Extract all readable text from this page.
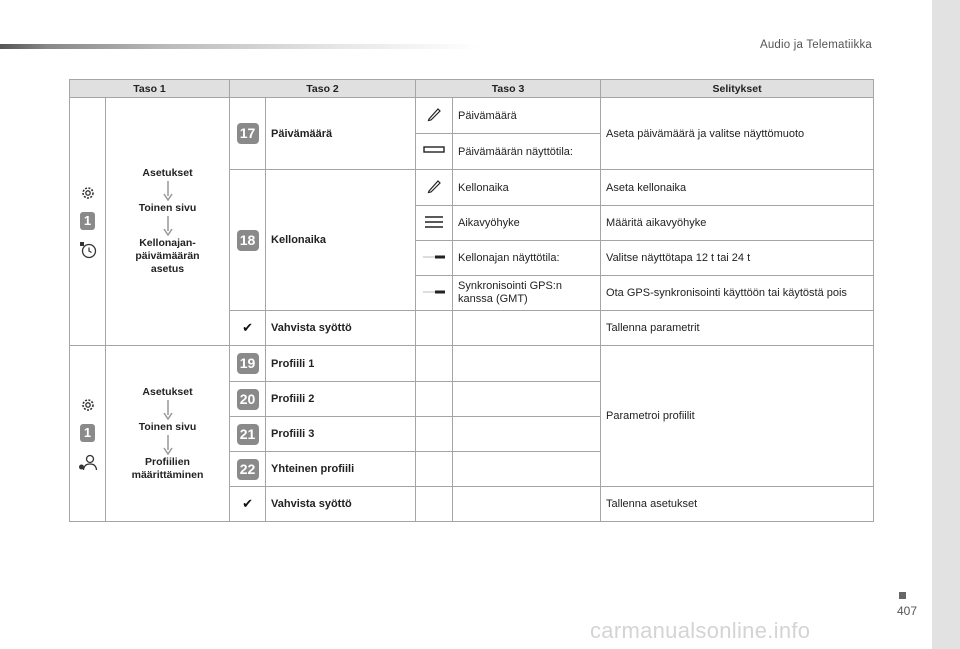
Audio ja Telematiikka
Taso 1		Taso 2		Taso 3		Selitykset

1	Asetukset
Toinen sivu
Kellonajan-
päivämäärän
asetus	17	Päivämäärä		Päivämäärä	Aseta päivämäärä ja valitse näyttömuoto
	Päivämäärän näyttötila:	
		18	Kellonaika		Kellonaika	Aseta kellonaika
	Aikavyöhyke	Määritä aikavyöhyke
	Kellonajan näyttötila:	Valitse näyttötapa 12 t tai 24 t
	Synkronisointi GPS:n kanssa (GMT)	Ota GPS-synkronisointi käyttöön tai käytöstä pois
		✔	Vahvista syöttö			Tallenna parametrit

1	Asetukset
Toinen sivu
Profiilien
määrittäminen	19	Profiili 1			Parametroi profiilit
		20	Profiili 2			
		21	Profiili 3			
		22	Yhteinen profiili			
		✔	Vahvista syöttö			Tallenna asetukset
407
carmanualsonline.info
